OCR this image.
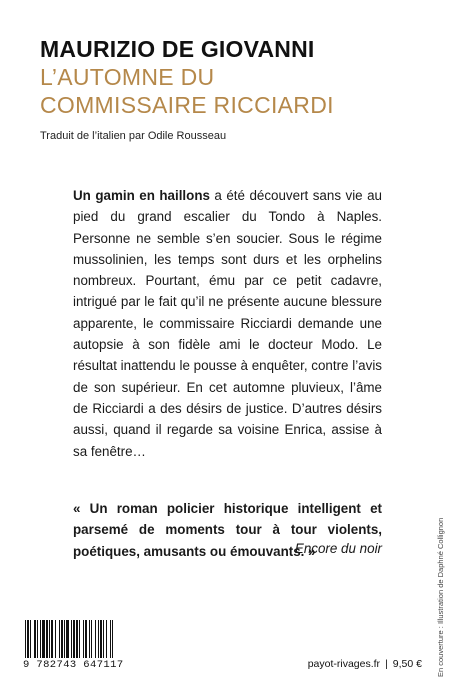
MAURIZIO DE GIOVANNI
L’AUTOMNE DU
COMMISSAIRE RICCIARDI
Traduit de l’italien par Odile Rousseau
Un gamin en haillons a été découvert sans vie au pied du grand escalier du Tondo à Naples. Personne ne semble s’en soucier. Sous le régime mussolinien, les temps sont durs et les orphelins nombreux. Pourtant, ému par ce petit cadavre, intrigué par le fait qu’il ne présente aucune blessure apparente, le commissaire Ricciardi demande une autopsie à son fidèle ami le docteur Modo. Le résultat inattendu le pousse à enquêter, contre l’avis de son supérieur. En cet automne pluvieux, l’âme de Ricciardi a des désirs de justice. D’autres désirs aussi, quand il regarde sa voisine Enrica, assise à sa fenêtre…
« Un roman policier historique intelligent et parsemé de moments tour à tour violents, poétiques, amusants ou émouvants. »
Encore du noir
9 782743 647117	payot-rivages.fr | 9,50 € En couverture : Illustration de Daphné Collignon
